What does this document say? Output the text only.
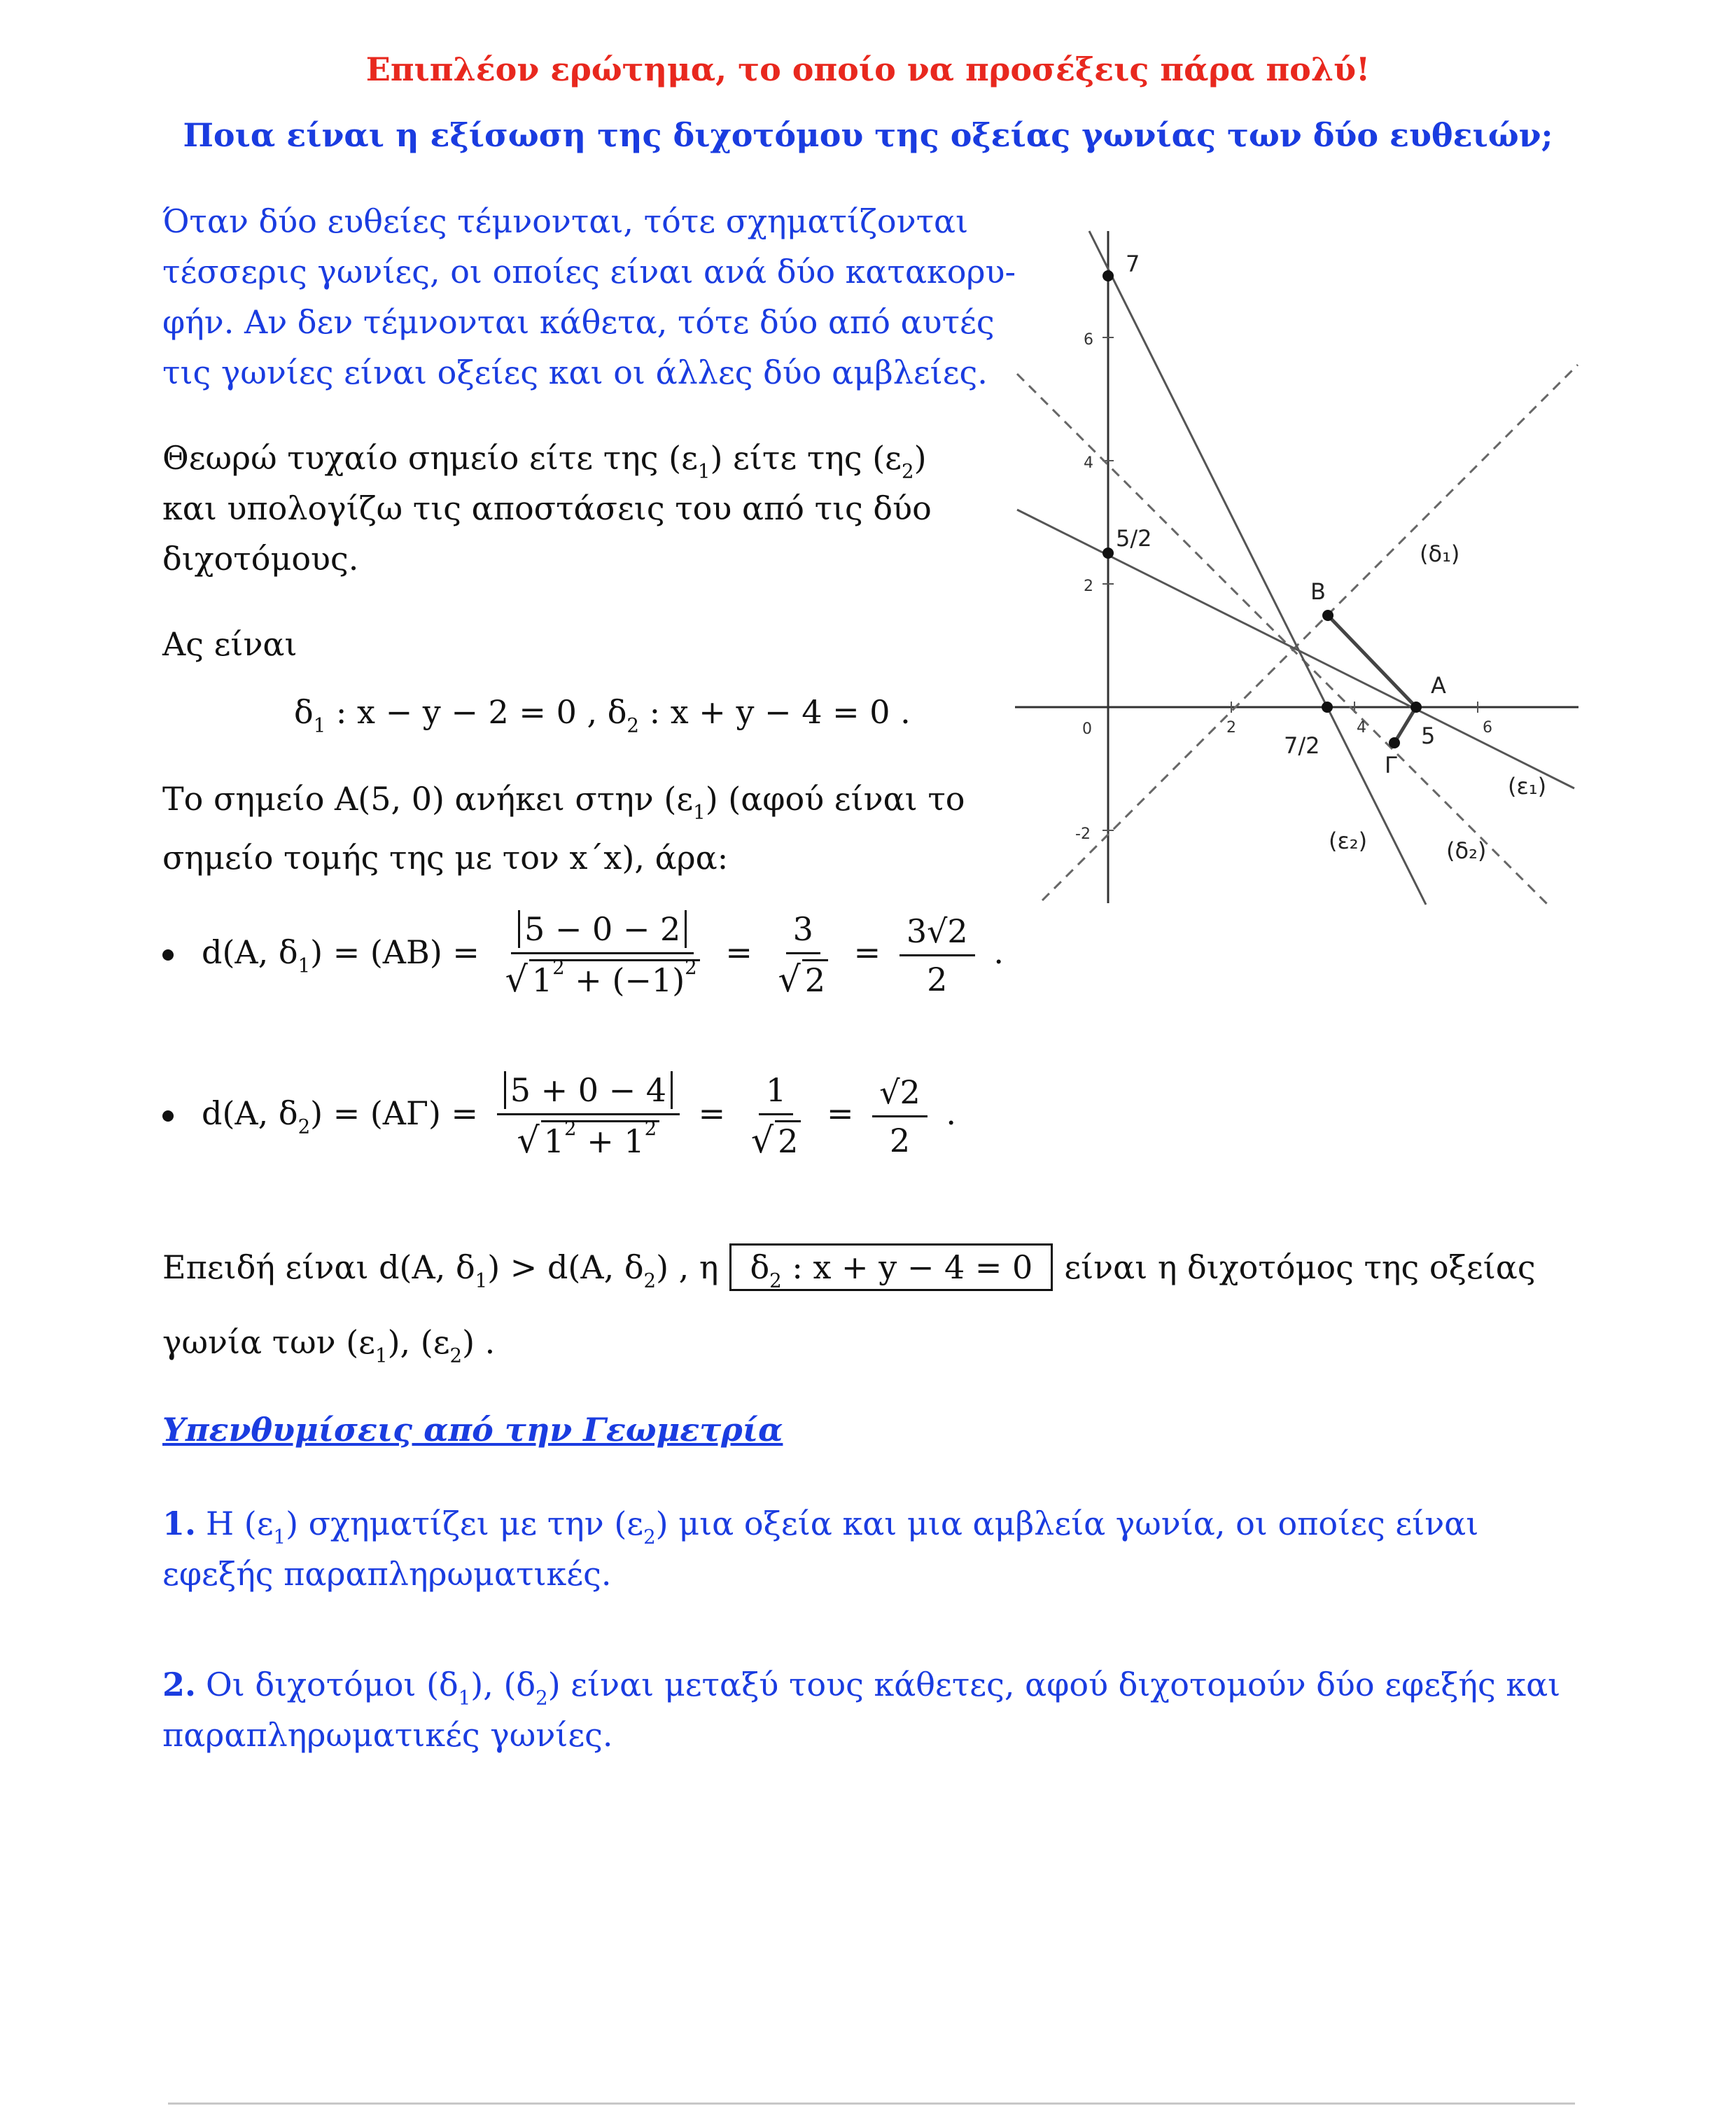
Επιπλέον ερώτημα, το οποίο να προσέξεις πάρα πολύ!
Ποια είναι η εξίσωση της διχοτόμου της οξείας γωνίας των δύο ευθειών;
Όταν δύο ευθείες τέμνονται, τότε σχηματίζονται
τέσσερις γωνίες, οι οποίες είναι ανά δύο κατακορυ-
φήν. Αν δεν τέμνονται κάθετα, τότε δύο από αυτές
τις γωνίες είναι οξείες και οι άλλες δύο αμβλείες.
Θεωρώ τυχαίο σημείο είτε της $(\varepsilon_1)$ είτε της $(\varepsilon_2)$
και υπολογίζω τις αποστάσεις του από τις δύο
διχοτόμους.
Ας είναι
$\delta_1$ : x − y − 2 = 0 , $\delta_2$ : x + y − 4 = 0 .
Το σημείο Α(5, 0) ανήκει στην $(\varepsilon_1)$ (αφού είναι το
σημείο τομής της με τον x΄x), άρα:
d(A, $\delta_1) = (AB) = \frac{5 - 0 - 2}{√ 1^2 + (-1)^2} = \frac{3}{√ 2} = \frac{3√2}{2}$ .
d(A, $\delta_2) = (A\Gamma) = \frac{5 + 0 - 4}{√ 1^2 + 1^2} = \frac{1}{√ 2} = \frac{√2}{2}$ .
Επειδή είναι d(A, $\delta_1) > d(A$, $\delta_2$) , η $\delta_2$ : x + y − 4 = 0 είναι η διχοτόμος της οξείας
γωνία των $(\varepsilon_1)$, $(\varepsilon_2)$ .
Υπενθυμίσεις από την Γεωμετρία
1. Η $(\varepsilon_1)$ σχηματίζει με την $(\varepsilon_2)$ μια οξεία και μια αμβλεία γωνία, οι οποίες είναι
εφεξής παραπληρωματικές.
2. Οι διχοτόμοι $(\delta_1)$, $(\delta_2)$ είναι μεταξύ τους κάθετες, αφού διχοτομούν δύο εφεξής και
παραπληρωματικές γωνίες.
0	2	4	6
-2
2
4
6
7
5/2
B
A
7/2	5
Γ
(δ₁)
(ε₁)
(ε₂)	(δ₂)
